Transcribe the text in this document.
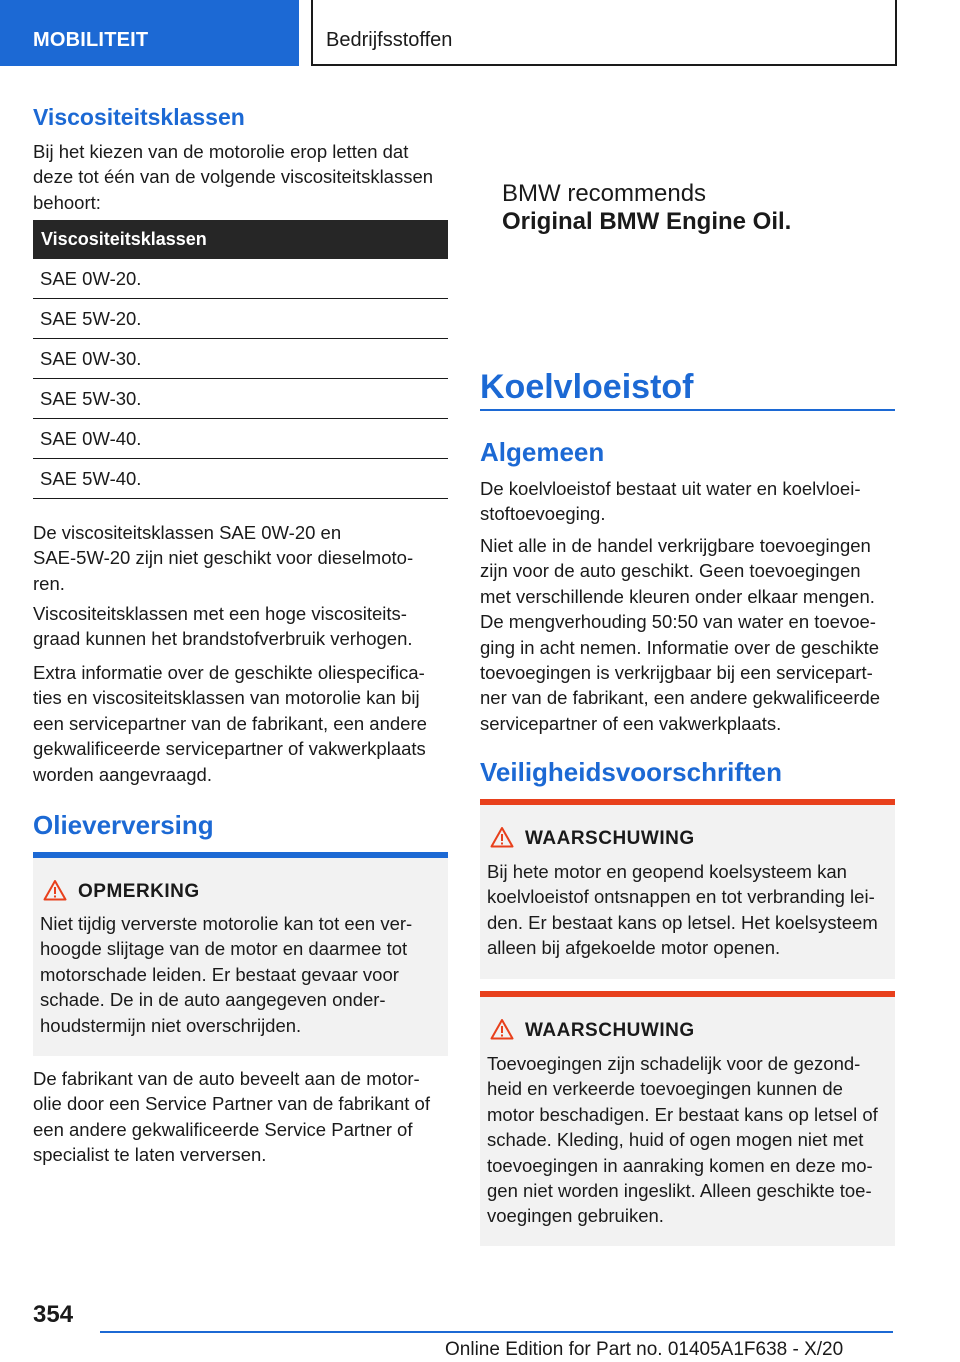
MOBILITEIT	Bedrijfsstoffen
Viscositeitsklassen

Bij het kiezen van de motorolie erop letten dat

deze tot één van de volgende viscositeitsklassen

behoort:

Viscositeitsklassen
SAE 0W-20.
SAE 5W-20.
SAE 0W-30.
SAE 5W-30.
SAE 0W-40.
SAE 5W-40.

De viscositeitsklassen SAE 0W-20 en

SAE-5W-20 zijn niet geschikt voor dieselmoto-

ren.

Viscositeitsklassen met een hoge viscositeits-

graad kunnen het brandstofverbruik verhogen.

Extra informatie over de geschikte oliespecifica-

ties en viscositeitsklassen van motorolie kan bij

een servicepartner van de fabrikant, een andere

gekwalificeerde servicepartner of vakwerkplaats

worden aangevraagd.

Olieverversing
OPMERKING

Niet tijdig ververste motorolie kan tot een ver-

hoogde slijtage van de motor en daarmee tot

motorschade leiden. Er bestaat gevaar voor

schade. De in de auto aangegeven onder-

houdstermijn niet overschrijden.

De fabrikant van de auto beveelt aan de motor-

olie door een Service Partner van de fabrikant of

een andere gekwalificeerde Service Partner of

specialist te laten verversen.

BMW recommends
Original BMW Engine Oil.
Koelvloeistof
Algemeen

De koelvloeistof bestaat uit water en koelvloei-

stoftoevoeging.

Niet alle in de handel verkrijgbare toevoegingen

zijn voor de auto geschikt. Geen toevoegingen

met verschillende kleuren onder elkaar mengen.

De mengverhouding 50:50 van water en toevoe-

ging in acht nemen. Informatie over de geschikte

toevoegingen is verkrijgbaar bij een servicepart-

ner van de fabrikant, een andere gekwalificeerde

servicepartner of een vakwerkplaats.

Veiligheidsvoorschriften
WAARSCHUWING

Bij hete motor en geopend koelsysteem kan

koelvloeistof ontsnappen en tot verbranding lei-

den. Er bestaat kans op letsel. Het koelsysteem

alleen bij afgekoelde motor openen.

WAARSCHUWING

Toevoegingen zijn schadelijk voor de gezond-

heid en verkeerde toevoegingen kunnen de

motor beschadigen. Er bestaat kans op letsel of

schade. Kleding, huid of ogen mogen niet met

toevoegingen in aanraking komen en deze mo-

gen niet worden ingeslikt. Alleen geschikte toe-

voegingen gebruiken.

354
Online Edition for Part no. 01405A1F638 - X/20
